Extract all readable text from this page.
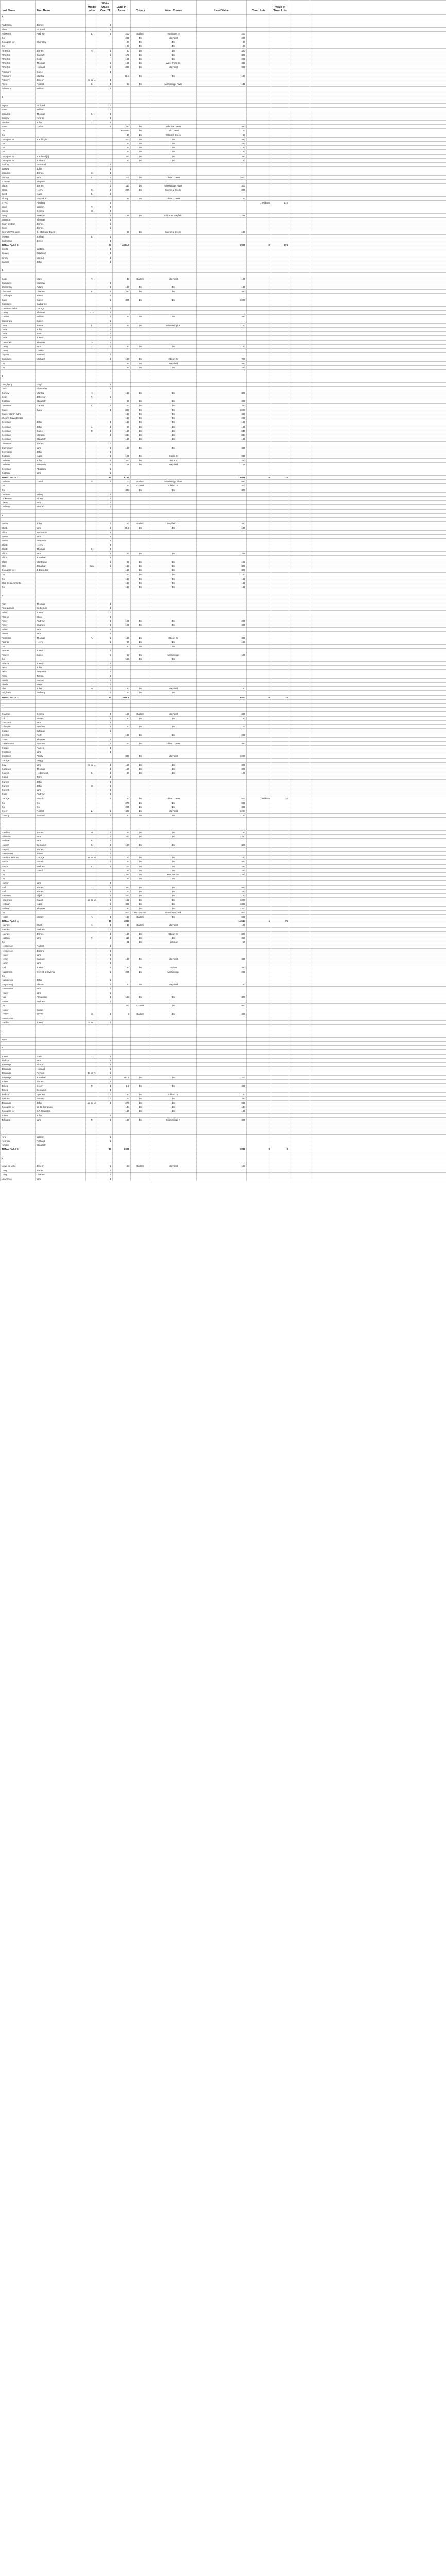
Last Name	First Name	Middle Initial	White Males Over 21	Land in Acres	County	Water Course	Land Value	Town Lots	Value of Town Lots		
A											

Anderson	James		1								
Allen	Richard		1								
Ashworth	Andrew	L.	1	200	Ballard	Hurricane cr	200				
Do				200	Do	Mayfield	200				
Do agent for	Shrinsley			80	Do	Do	80				
Do				20	Do	Do	20				
Atherton	James	H.	1	80	Do	Do	320				
Atherton	Canady		1	175	Do	Do	320				
Atherton	Dolly			100	Do	Do	200				
Atherton	Thomas		1	100	Do	West Fork Do	480				
Atherton	Howard		1	320	Do	Mayfield	900				
Ashmore	Daniel		1								
Ashmore	Martha			53.3	Do	Do	130				
Asberry	Joseph	S. or L.	1								
Allen	Robert	B.	1	53	Do	Mississippi River	132				
Ashmore	William		1								

B											

Bryant	Richard		1								
Bone	William		1								
Brannon	Thomas	G.	1								
Burrow	Nimrod		1								
Belcher	John	J.	1								
Bone	Daniel		1	240	Do	Wilsons Creek	480				
Do				<None>	Do	Lick Creek	160				
Do				40	Do	Wilsons Creek	80				
Do agent for	J. Killinght			400	Do	Do	480				
Do				160	Do	Do	320				
Do				160	Do	Do	160				
Do				160	Do	Do	160				
Do agent for	J. Elland [?]			320	Do	Do	320				
Do agent for	T Sharp			160	Do	Do	160				
Barlow	Emanuel		1								
Barrow	John		1								
Brannon	James	G.	1								
Bishop	Wm.	E.	1	200	Do	Obion Creek	1000				
B?rrown	Stephen		1								
Bivon	James		1	110	Do	Mississippi River	300				
Black	Henry	G.	1	200	Do	Mayfield Creek	200				
Boyd	Isaac	B.	1								
Birney	Rebeckah			87	Do	Obion Creek	160				
B????	Fielding		1					1 Milburn	175		
Bush	William	T.	1								
Brock	George	W.	1								
Berry	Newton		1	126	Do	Obion & Mayfield	228				
Brannon	Thomas		1								
Boon or Born	James		1								
Bone	James		1								
Bennett Wm adm	G. McClure Dec'd			80	Do	Mayfield Creek	160				
Bypaas	Joshua	B.	1								
Burkhead	Jesse		1								
TOTAL PAGE 5			24	4694.5			7005	2	575		
Bowls	Watson		1								
Beavis	Bradford		1								
Birney	Marcus		1								
Barrett	John		1								

C											

Cook	Mary	T.		43	Ballard	Mayfield	100				
Cummins	Mathew		1								
Chrisman	Adam		1	160	Do	Do	160				
Chenault	Charles	B.	1	240	Do	Do	480				
Carthager	Jesse		1								
Cave	Daniel		1	300	Do	Do	1000				
Cummins	Catharine										
Cavenondorfer	George		1								
Carey	Thomas	G. F.	1								
Carriss	William		1	160	Do	Do	480				
Crenshaw	Daniel		1								
Cook	Jesse	L.	1	160	Do	Mississippi R	160				
Cook	John		1								
Cook	Sam		1								
Cook	Joseph		1								
Campbell	Thomas	D.	1								
Carey	Wm.	C.	1	80	Do	Do	160				
Carey	Louisa										
Layton	Samuel		1								
Cummins	Michael		1	160	Do	Obion Cr	720				
Do				160	Do	Mayfield	480				
Do				160	Do	Do	320				

D											

Dougherty	Hugh		1								
Dunn	Alexander		1								
Dorsey	Martha	H.		160	Do	Do	320				
Dean	Jefferson	R.	1								
Dodson	Elizabeth			80	Do	Do	400				
Devasae	Garrett	L.	1	160	Do	Do	320				
Davis	Davy		1	360	Do	Do	1500				
Davis, Marsh adm				160	Do	Do	480				
of John Davis Estate				160	Do	Do	200				
Devasae	John		1	160	Do	Do	160				
Devasae	John	J.	1	80	Do	Do	160				
Devasae	Daniel	P.	1	160	Do	Do	240				
Devasae	Morgan		1	234	Do	Do	234				
Devasae	Elizabeth			160	Do	Do	160				
Devasae	James		1								
Dunnoway	Wm.		1	160	Do	Do	480				
Dennisont	John		1								
Dodson	Isaac		1	100	Do	Obion C	960				
Dodson	John		1	320	Do	Obion C	320				
Dodson	Solomon		1	158	Do	Mayfield	158				
Devasae	Absalom		1								
Dodson	Wm.		1								
TOTAL PAGE 2			37	8152			15069	0	0		
Dodson	David	N.	1	100	Ballard	Mississippi River	980				
Do				160	Graves	Obion Cr	400				
Do				320	Do	Do	320				
Dobson	Willey		1								
Dickerson	Albert		1								
Dixon	Wm.		1								
Dodson	Warren		1								

E											

Enlow	John		1	180	Ballard	Mayfield Cr	480				
Elliott	Wm.		1	59.5	Do	Do	100				
Elliott	Zachariah		1								
Enlow	Wm.		1								
Enlow	Benjamin		1								
Elliott	Henry		1								
Elliott	Thomas	D.	1								
Elliott	Wm.		1	144	Do	Do	288				
Elliott	Jonathan		1								
Elsey	Montague		1	96	Do	Do	192				
Ellis	Jonathan	Sen.	1	160	Do	Do	320				
Do agent for	J. Eldredge			160	Do	Do	320				
Do				160	Do	Do	160				
Do				160	Do	Do	160				
Ellis Do & John Do				160	Do	Do	160				
Do				160	Do	Do	160				

F											

Fish	Thomas		1								
Fourquerum	Settleburg		1								
Fuller	Joseph		1								
Freese	Elias		1								
Fuller	Andrew		1	100	Do	Do	200				
Fuller	Charles		1	100	Do	Do	400				
Fuller	Wm.		1								
Filson	Wm.		1								
Forrester	Thomas	A.	1	160	Do	Obion Cr	400				
Farmer	Henry		1	80	Do	Do	160				
Do				80	Do	Do					
Farmer	Joseph		1								
Freeze	Daniel		1	50	Do	Mississippi	100				
Do				160	Do	Do					
Freeze	Joseph		1								
Felts	John		1								
Felts	Benjamin		1								
Felts	Tilmon		1								
Fields	Robert		1								
Fields	Major	J.	1								
Flint	John	M.	1	80	Do	Mayfield	80				
Fulgham	Anthony		1	160	Do	Do					
TOTAL PAGE 3			27	2629.5			5870	0	0		

G											

Granger	George		1	160	Ballard	Mayfield	220				
Gill	Moses		1	60	Do	Do	150				
Glasstein	Wm.		1								
Gillaspie	Reuben		1	50	Do	Do	100				
Goode	Edward		1								
George	Polly			100	Do	Do	200				
Grant	Thomas		1								
Greathouse	Reuben		1	160	Do	Obion Creek	480				
Goode	Patrick		1								
Gholston	Wm.		1								
Gholston	Pleaty			300	Do	Mayfield	1200				
George	Peggy										
Gay	Wm.	S. or L.	1	150	Do	Do	300				
Goodwin	Thomas		1	150	Do	Do	300				
Graves	Hedgmond	B.	1	50	Do	Do	100				
Glenn	Terry		1								
Garner	John		1								
Garner	John	W.	1								
Goforth	Wm.		1								
Gast	Andrew		1								
George	Reubin		1	160	Do	Obion Creek	600	1 Milburn	75		
Do	Do			270	Do	Do	500				
Do	Do			200	Do	Do	400				
Green	Robert	L.	1	428	Do	Mayfield	1284				
Grundy	Samuel		1	80	Do	Do	160				

H											

Hardem	James	M.	1	160	Do	Do	190				
Hillsman	Wm.		1	240	Do	Do	1240				
Hellman	Wm.	A.	1								
Harper	Benjamin	C.	1	160	Do	Do	320				
Harper	James		1								
Hambleton	Jacob		1								
Harris or Harres	George	W. or M.	1	160	Do	Do	160				
Hobbs	Horatio		1	160	Do	Do	480				
Hobbs	Andrew	L.	1	110	Do	Do	330				
Do	David			160	Do	Do	320				
Do				240	Do	McCracken	240				
Do				160	Do	Do					
Hunter	Wm.		1								
Hall	James	T.	1	320	Do	Do	960				
Hall	James		1	160	Do	Do	320				
Hammett	Elijah		1	240	Do	Do	720				
Hitterman	David	W. or M.	1	152	Do	Do	1000				
Hellman	Isaac		1	480	Do	Do	1300				
Hellman	Thomas		1	80	Do	Do	1300				
Do				800	McCracken	Newsom Creek	800				
Hobbs	Moody	A.	1	160	Ballard	Do	500				
TOTAL PAGE 4			38	4855			14514	1	75		
Haynes	Elijah	K.	1	40	Ballard	Mayfield	120				
Haynes	Andrew		1								
Haynes	James		1	160	Do	Obion Cr	320				
Hudson	Wm.	R.	1	116	Do	Do	350				
Do				51	Do	Hickman	50				
Henderson	Robert		1								
Henderson	Jerome		1								
Holder	Wm.		1								
Herrin	Samuel		1	160	Do	Mayfield	480				
Harrin	Wm.		1								
Hall	Joseph		1	180	Do	Fulton	380				
Hagerman	Everett or Evertia		1	200	Do	Mississippi	200				
Do											
Hambleton	John		1								
Hagemang	Abram		1	30	Do	Mayfield	60				
Hambleton	Wm.		1								
Holder	Wm.		1								
Hale	Alexander		1	160	Do	Do	320				
Holder	Andrew		1								
Do				320	Graves	Do	960				
Holder	Susan										
H????	?????	M.	1	2	Ballard	Do	400				
Hom & Fite											
Harden	Joseph	S. or L.	1								

I											

None											

J											

Jones	Isaac	T.	1								
Jackson	Wm.		1								
Jennings	Nimrod		1								
Jennings	Howard		1								
Jennings	Peyton	B. or R.	1								
Jennings	Jonathan		1	112.5	Do	Do	200				
Jones	James		1								
Jones	Green	P.	1	2.5	Do	Do	400				
Jones	Benjamin		1								
Jackson	Ephraim		1	80	Do	Obion Cr	160				
Jenkins	Robert		1	160	Do	Do	320				
Jennings	John	W. or M.	1	275	Do	Do	960				
Do agent for	W. G. Simpson			144	Do	Do	144				
Do agent for	B.F. Edwards			160	Do	Do	160				
Jones	John		1								
Johnson	Wm.	P.	1	160	Do	Mississippi R	300				

K											

King	William		1								
Kennon	Richard		1								
Kimble	Elizabeth										
TOTAL PAGE 5			35	3020			7288	0	0		

L											

Lowe or Lone	Joseph		1	80	Ballard	Mayfield	160				
Long	James		1								
Long	Charles		1								
Lawrence	Wm.		1								
